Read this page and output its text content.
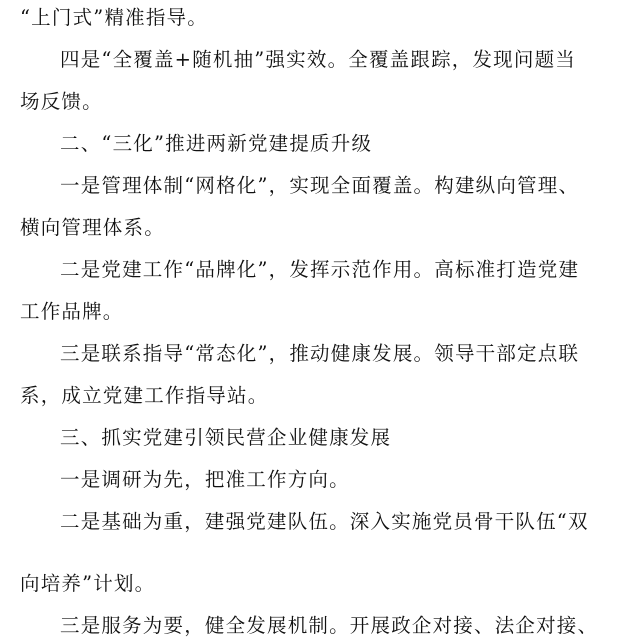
“上门式”精准指导。
四是“全覆盖+随机抽”强实效。全覆盖跟踪，发现问题当
场反馈。
二、“三化”推进两新党建提质升级
一是管理体制“网格化”，实现全面覆盖。构建纵向管理、
横向管理体系。
二是党建工作“品牌化”，发挥示范作用。高标准打造党建
工作品牌。
三是联系指导“常态化”，推动健康发展。领导干部定点联
系，成立党建工作指导站。
三、抓实党建引领民营企业健康发展
一是调研为先，把准工作方向。
二是基础为重，建强党建队伍。深入实施党员骨干队伍“双
向培养”计划。
三是服务为要，健全发展机制。开展政企对接、法企对接、
